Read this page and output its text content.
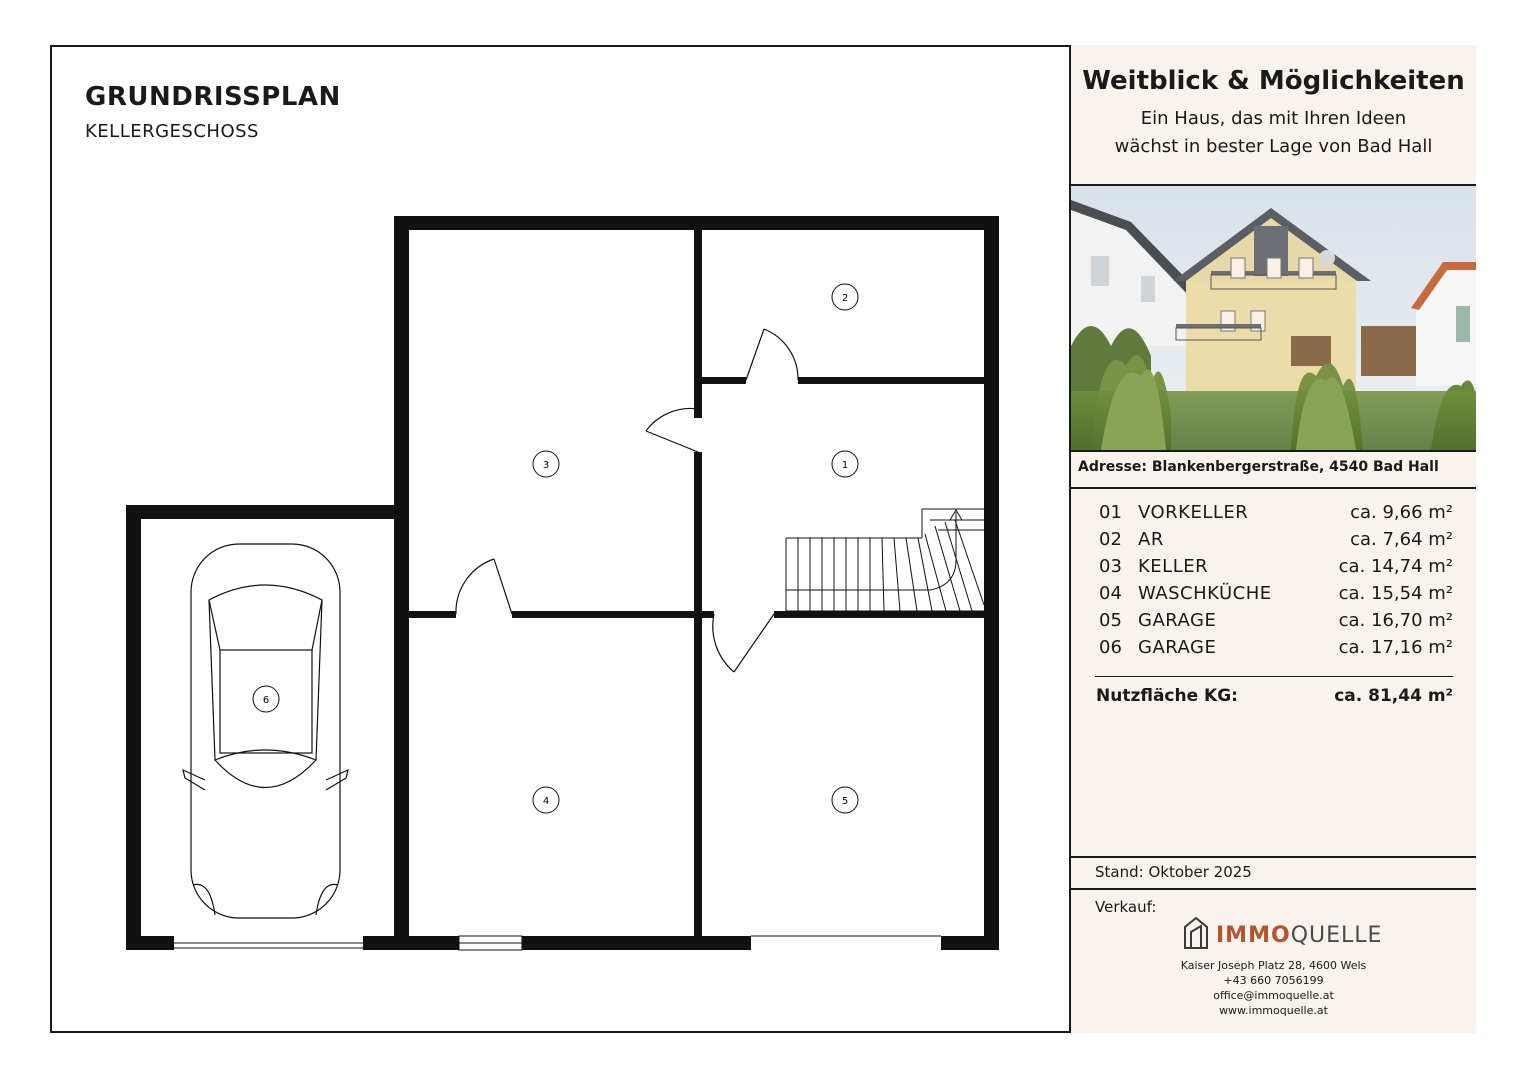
GRUNDRISSPLAN
KELLERGESCHOSS
1
2
3
4	5
6
Weitblick & Möglichkeiten
Ein Haus, das mit Ihren Ideen
wächst in bester Lage von Bad Hall
Adresse: Blankenbergerstraße, 4540 Bad Hall
01 VORKELLER	ca. 9,66 m²
02 AR	ca. 7,64 m²
03 KELLER	ca. 14,74 m²
04 WASCHKÜCHE	ca. 15,54 m²
05 GARAGE	ca. 16,70 m²
06 GARAGE	ca. 17,16 m²
Nutzfläche KG:	ca. 81,44 m²
Stand: Oktober 2025
Verkauf:
IMMOQUELLE
Kaiser Joseph Platz 28, 4600 Wels
+43 660 7056199
office@immoquelle.at
www.immoquelle.at
